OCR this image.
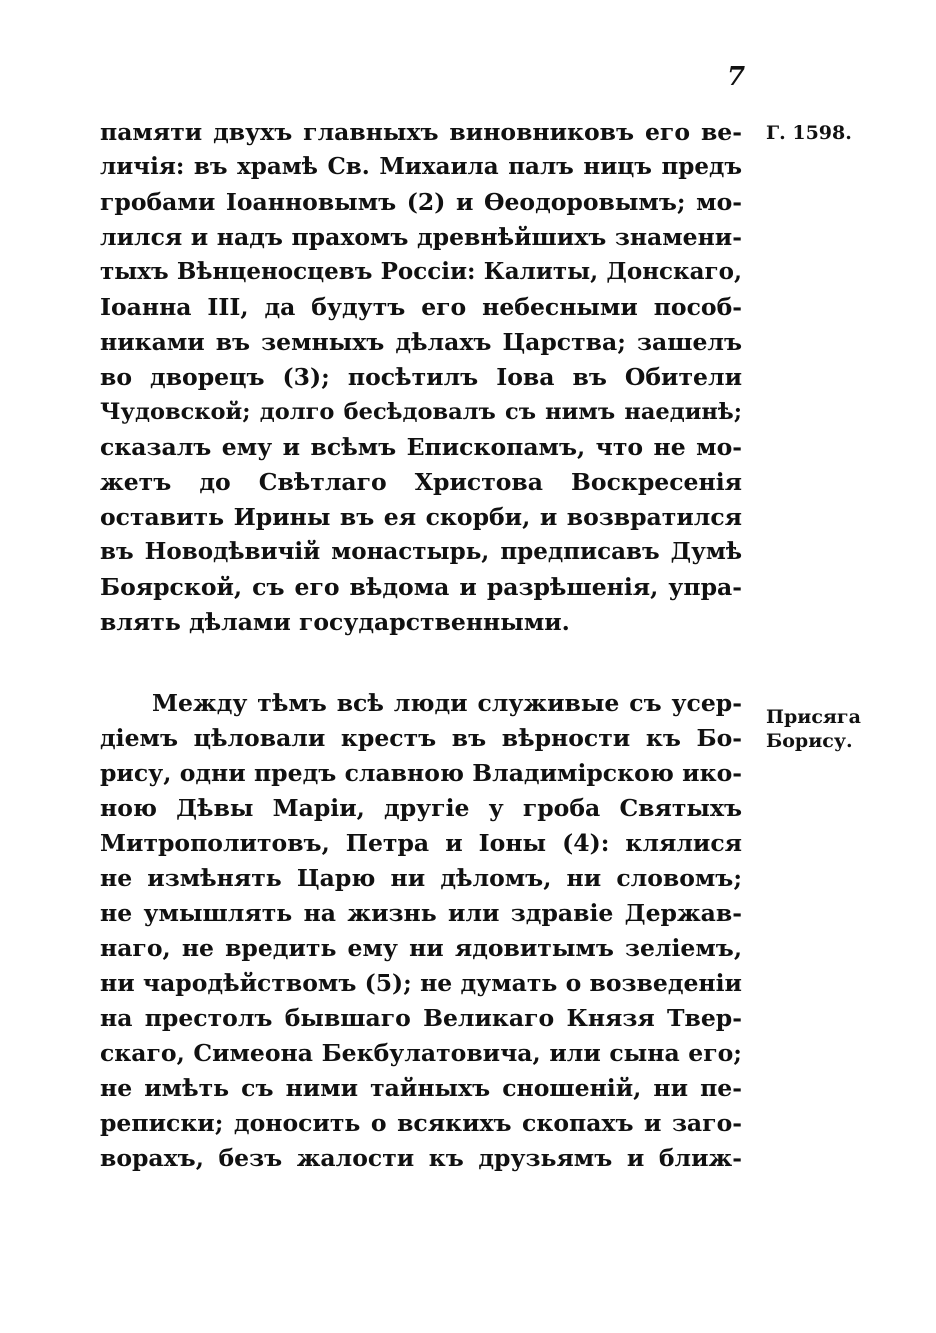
7
Г. 1598.
Присяга
Борису.
памяти двухъ главныхъ виновниковъ его ве-
личія: въ храмѣ Св. Михаила палъ ницъ предъ
гробами Іоанновымъ (2) и Ѳеодоровымъ; мо-
лился и надъ прахомъ древнѣйшихъ знамени-
тыхъ Вѣнценосцевъ Россіи: Калиты, Донскаго,
Іоанна III, да будутъ его небесными пособ-
никами въ земныхъ дѣлахъ Царства; зашелъ
во дворецъ (3); посѣтилъ Іова въ Обители
Чудовской; долго бесѣдовалъ съ нимъ наединѣ;
сказалъ ему и всѣмъ Епископамъ, что не мо-
жетъ до Свѣтлаго Христова Воскресенія
оставить Ирины въ ея скорби, и возвратился
въ Новодѣвичій монастырь, предписавъ Думѣ
Боярской, съ его вѣдома и разрѣшенія, упра-
влять дѣлами государственными.
Между тѣмъ всѣ люди служивые съ усер-
діемъ цѣловали крестъ въ вѣрности къ Бо-
рису, одни предъ славною Владимірскою ико-
ною Дѣвы Маріи, другіе у гроба Святыхъ
Митрополитовъ, Петра и Іоны (4): клялися
не измѣнять Царю ни дѣломъ, ни словомъ;
не умышлять на жизнь или здравіе Держав-
наго, не вредить ему ни ядовитымъ зеліемъ,
ни чародѣйствомъ (5); не думать о возведеніи
на престолъ бывшаго Великаго Князя Твер-
скаго, Симеона Бекбулатовича, или сына его;
не имѣть съ ними тайныхъ сношеній, ни пе-
реписки; доносить о всякихъ скопахъ и заго-
ворахъ, безъ жалости къ друзьямъ и ближ-
